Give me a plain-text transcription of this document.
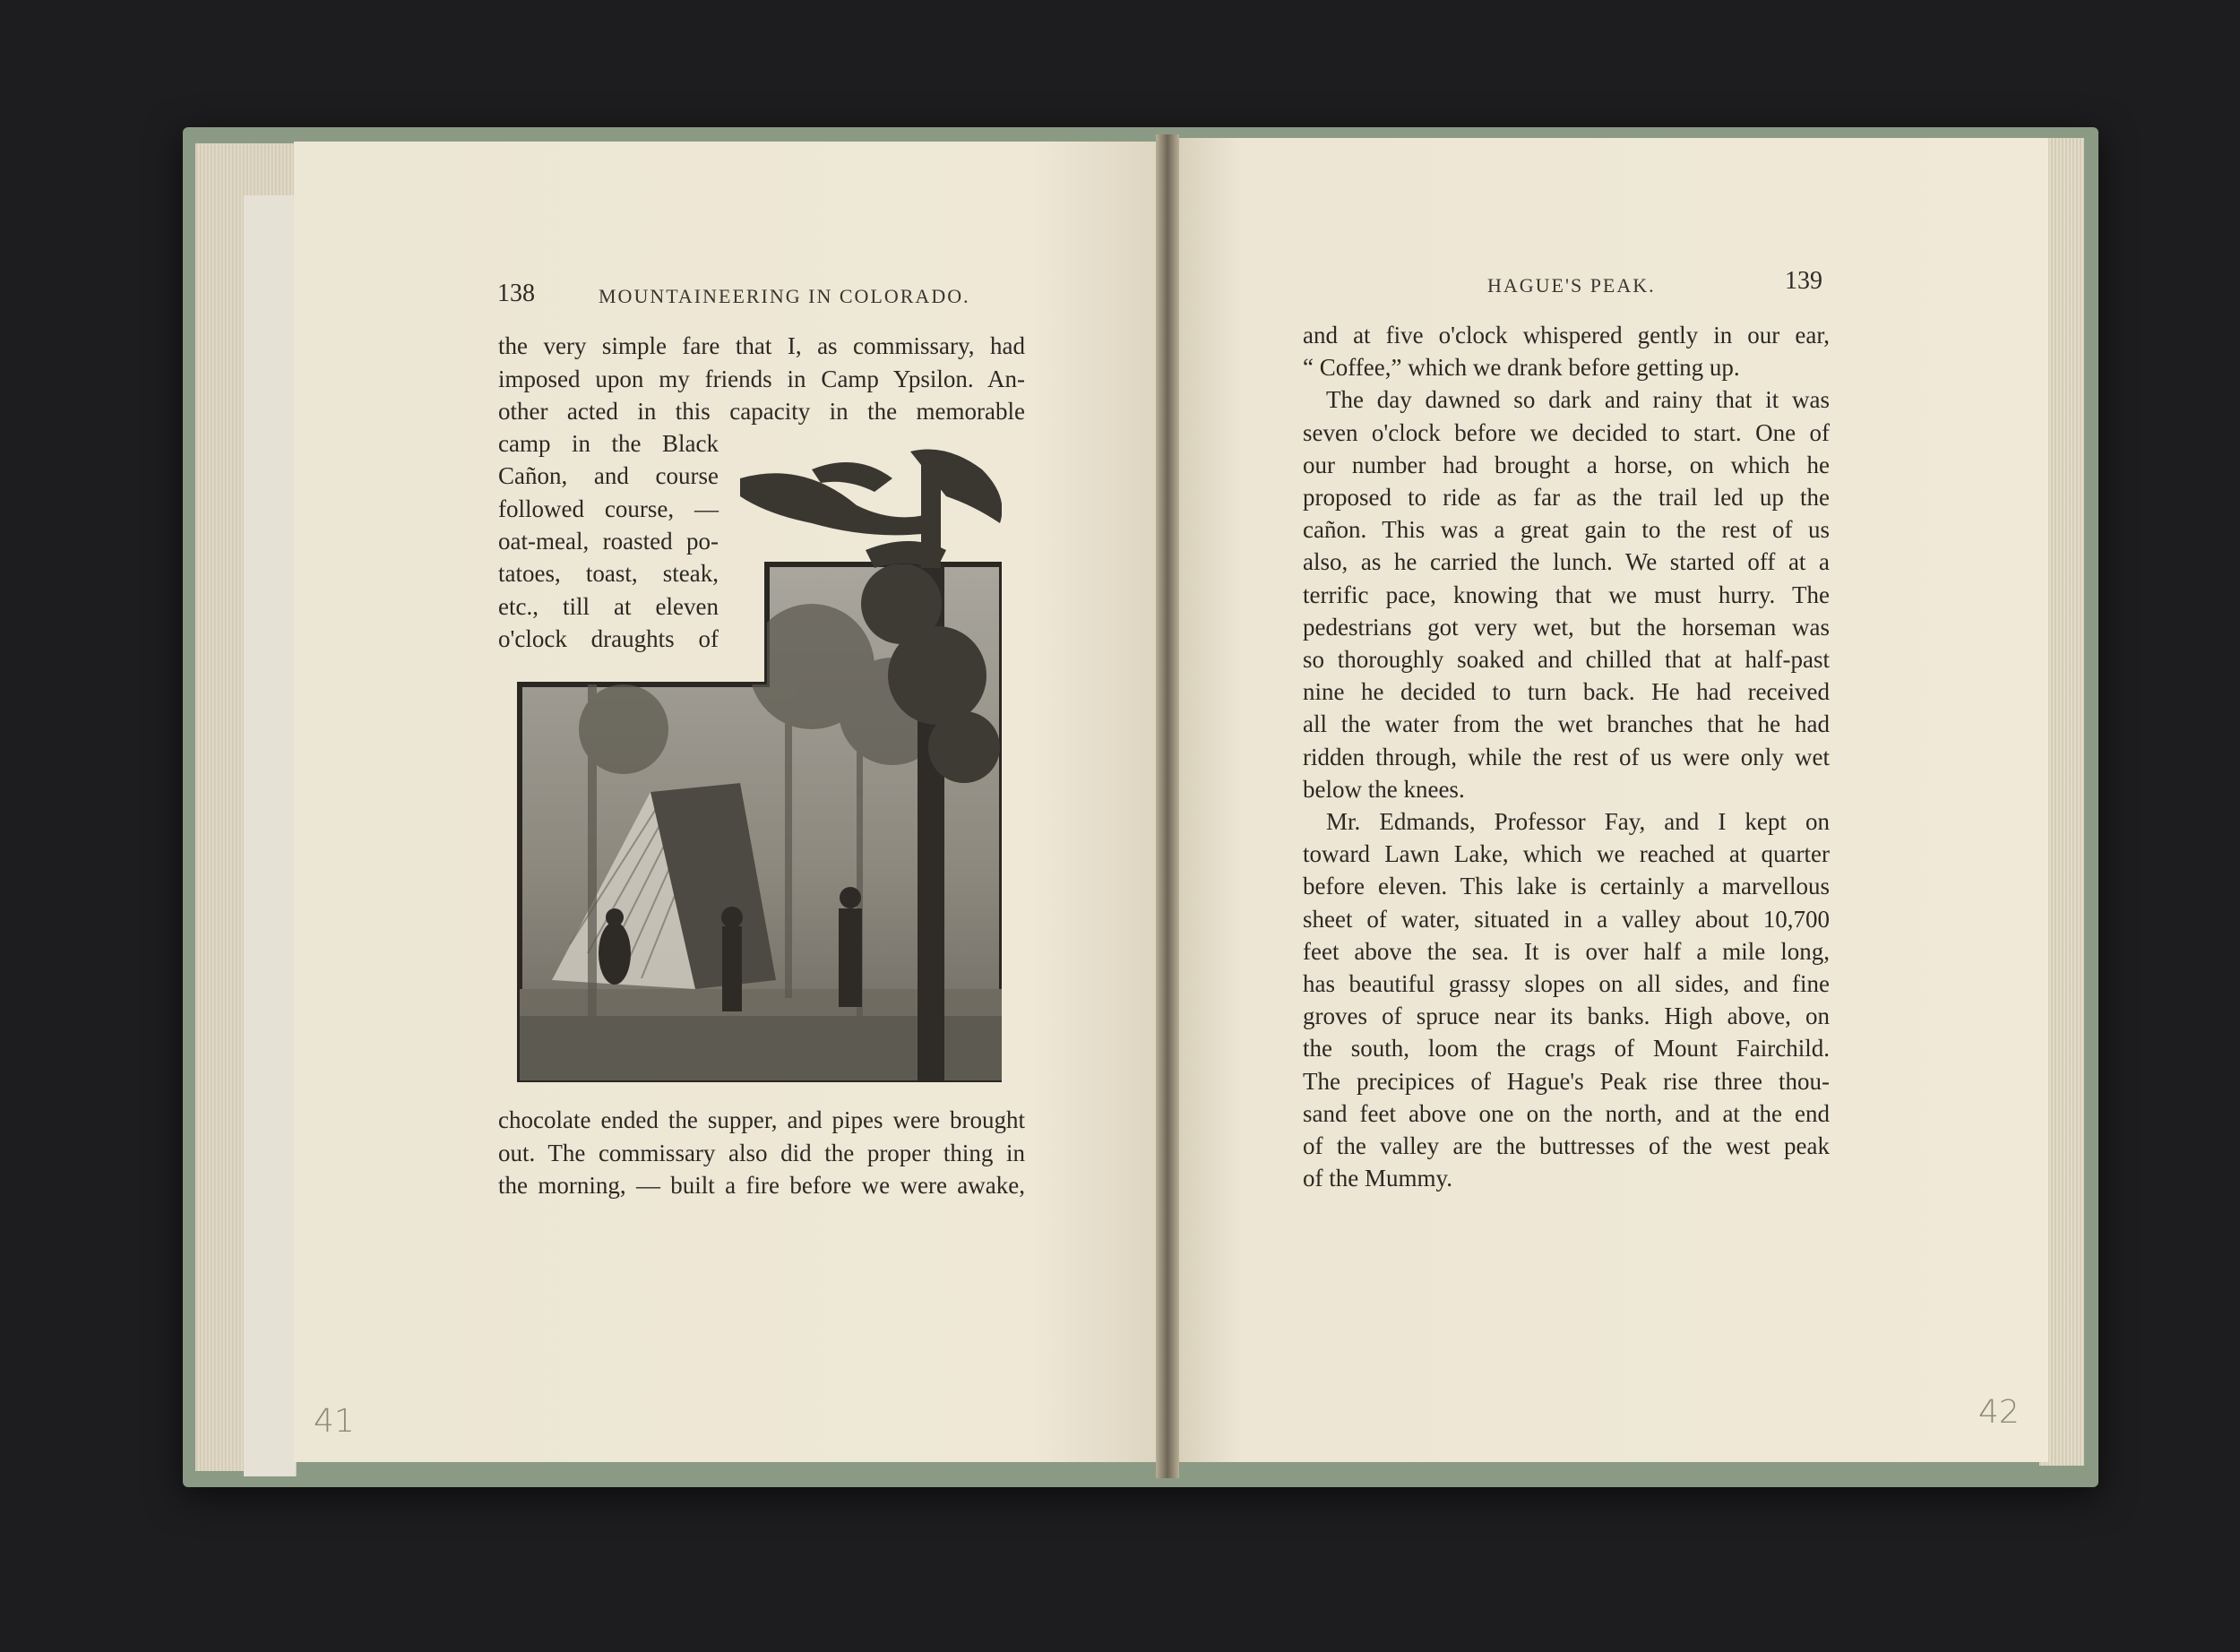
138	MOUNTAINEERING IN COLORADO.
the very simple fare that I, as commissary, had
imposed upon my friends in Camp Ypsilon. An-
other acted in this capacity in the memorable
camp in the Black
Cañon, and course
followed course, —
oat-meal, roasted po-
tatoes, toast, steak,
etc., till at eleven
o'clock draughts of
chocolate ended the supper, and pipes were brought
out. The commissary also did the proper thing in
the morning, — built a fire before we were awake,
41	42
HAGUE'S PEAK.	139
and at five o'clock whispered gently in our ear,
“ Coffee,” which we drank before getting up.
The day dawned so dark and rainy that it was
seven o'clock before we decided to start. One of
our number had brought a horse, on which he
proposed to ride as far as the trail led up the
cañon. This was a great gain to the rest of us
also, as he carried the lunch. We started off at a
terrific pace, knowing that we must hurry. The
pedestrians got very wet, but the horseman was
so thoroughly soaked and chilled that at half-past
nine he decided to turn back. He had received
all the water from the wet branches that he had
ridden through, while the rest of us were only wet
below the knees.
Mr. Edmands, Professor Fay, and I kept on
toward Lawn Lake, which we reached at quarter
before eleven. This lake is certainly a marvellous
sheet of water, situated in a valley about 10,700
feet above the sea. It is over half a mile long,
has beautiful grassy slopes on all sides, and fine
groves of spruce near its banks. High above, on
the south, loom the crags of Mount Fairchild.
The precipices of Hague's Peak rise three thou-
sand feet above one on the north, and at the end
of the valley are the buttresses of the west peak
of the Mummy.
